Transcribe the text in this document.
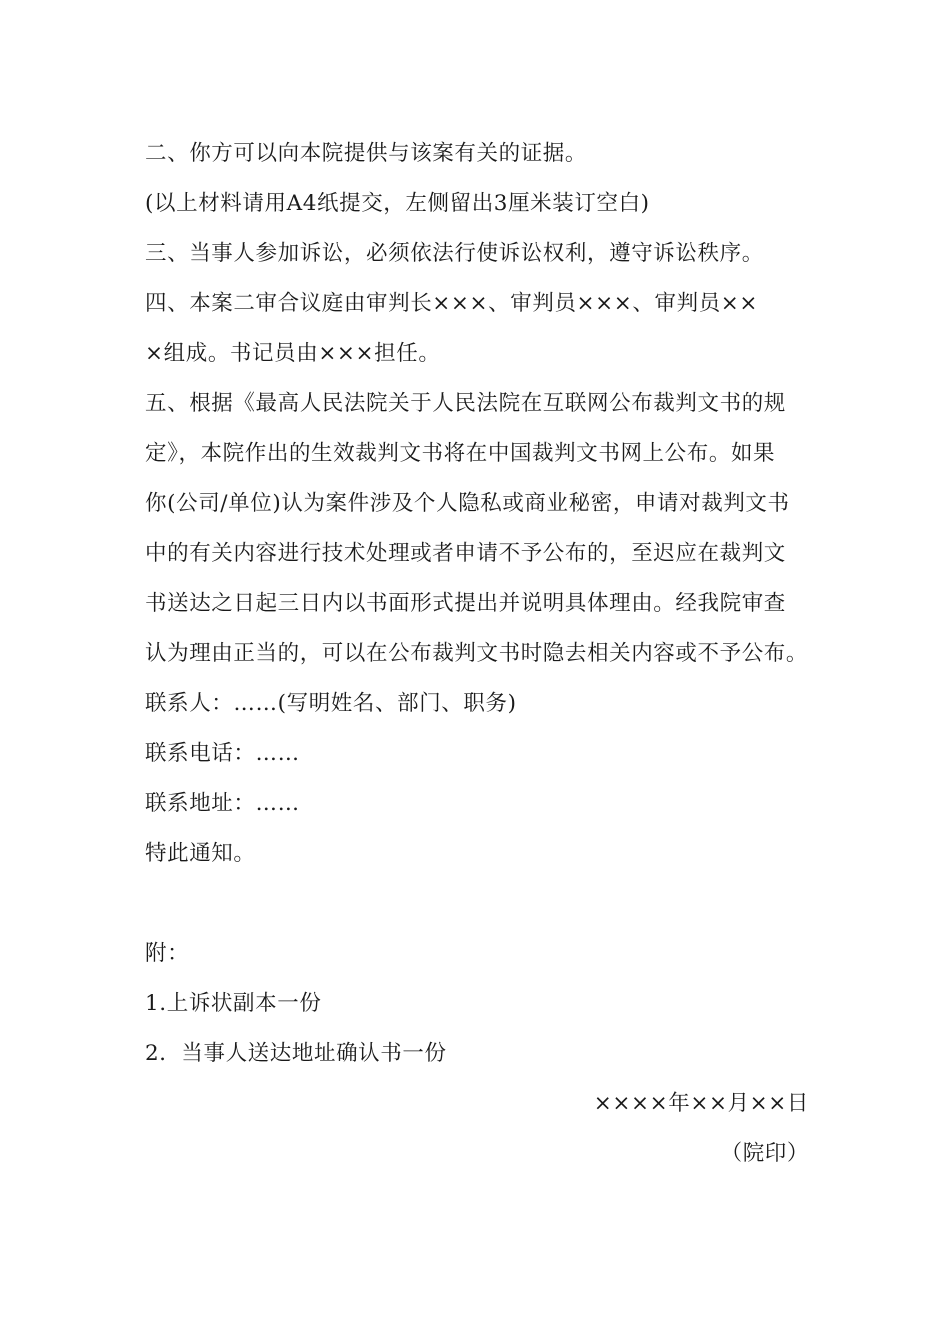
二、你方可以向本院提供与该案有关的证据。
(以上材料请用A4纸提交，左侧留出3厘米装订空白)
三、当事人参加诉讼，必须依法行使诉讼权利，遵守诉讼秩序。
四、本案二审合议庭由审判长×××、审判员×××、审判员××
×组成。书记员由×××担任。
五、根据《最高人民法院关于人民法院在互联网公布裁判文书的规
定》，本院作出的生效裁判文书将在中国裁判文书网上公布。如果
你(公司/单位)认为案件涉及个人隐私或商业秘密，申请对裁判文书
中的有关内容进行技术处理或者申请不予公布的，至迟应在裁判文
书送达之日起三日内以书面形式提出并说明具体理由。经我院审查
认为理由正当的，可以在公布裁判文书时隐去相关内容或不予公布。
联系人：……(写明姓名、部门、职务)
联系电话：……
联系地址：……
特此通知。
附：
1.上诉状副本一份
2．当事人送达地址确认书一份
××××年××月××日
（院印）
